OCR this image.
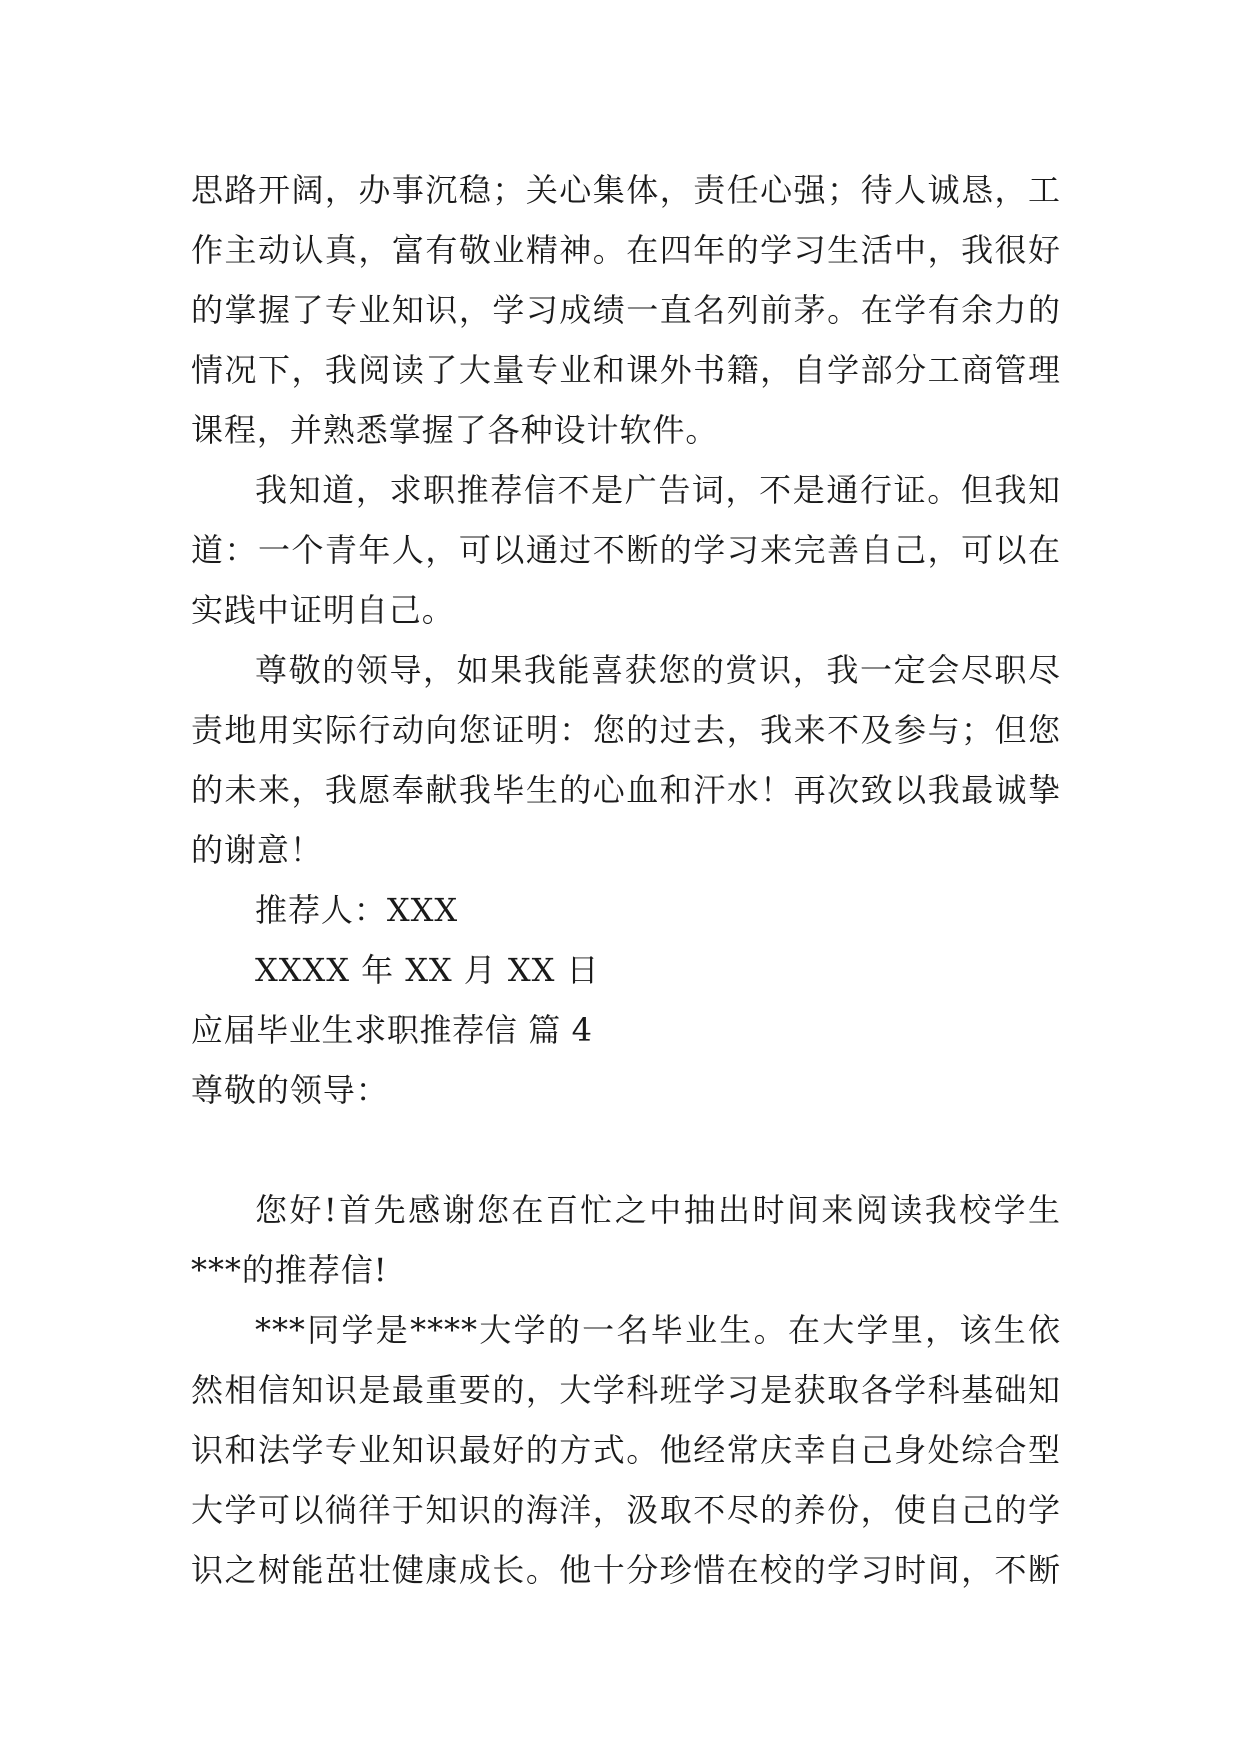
思路开阔，办事沉稳；关心集体，责任心强；待人诚恳，工

作主动认真，富有敬业精神。在四年的学习生活中，我很好

的掌握了专业知识，学习成绩一直名列前茅。在学有余力的

情况下，我阅读了大量专业和课外书籍，自学部分工商管理

课程，并熟悉掌握了各种设计软件。

我知道，求职推荐信不是广告词，不是通行证。但我知

道：一个青年人，可以通过不断的学习来完善自己，可以在

实践中证明自己。

尊敬的领导，如果我能喜获您的赏识，我一定会尽职尽

责地用实际行动向您证明：您的过去，我来不及参与；但您

的未来，我愿奉献我毕生的心血和汗水！再次致以我最诚挚

的谢意！

推荐人：XXX

XXXX 年 XX 月 XX 日

应届毕业生求职推荐信 篇 4

尊敬的领导：

您好!首先感谢您在百忙之中抽出时间来阅读我校学生

***的推荐信!

***同学是****大学的一名毕业生。在大学里，该生依

然相信知识是最重要的，大学科班学习是获取各学科基础知

识和法学专业知识最好的方式。他经常庆幸自己身处综合型

大学可以徜徉于知识的海洋，汲取不尽的养份，使自己的学

识之树能茁壮健康成长。他十分珍惜在校的学习时间，不断
